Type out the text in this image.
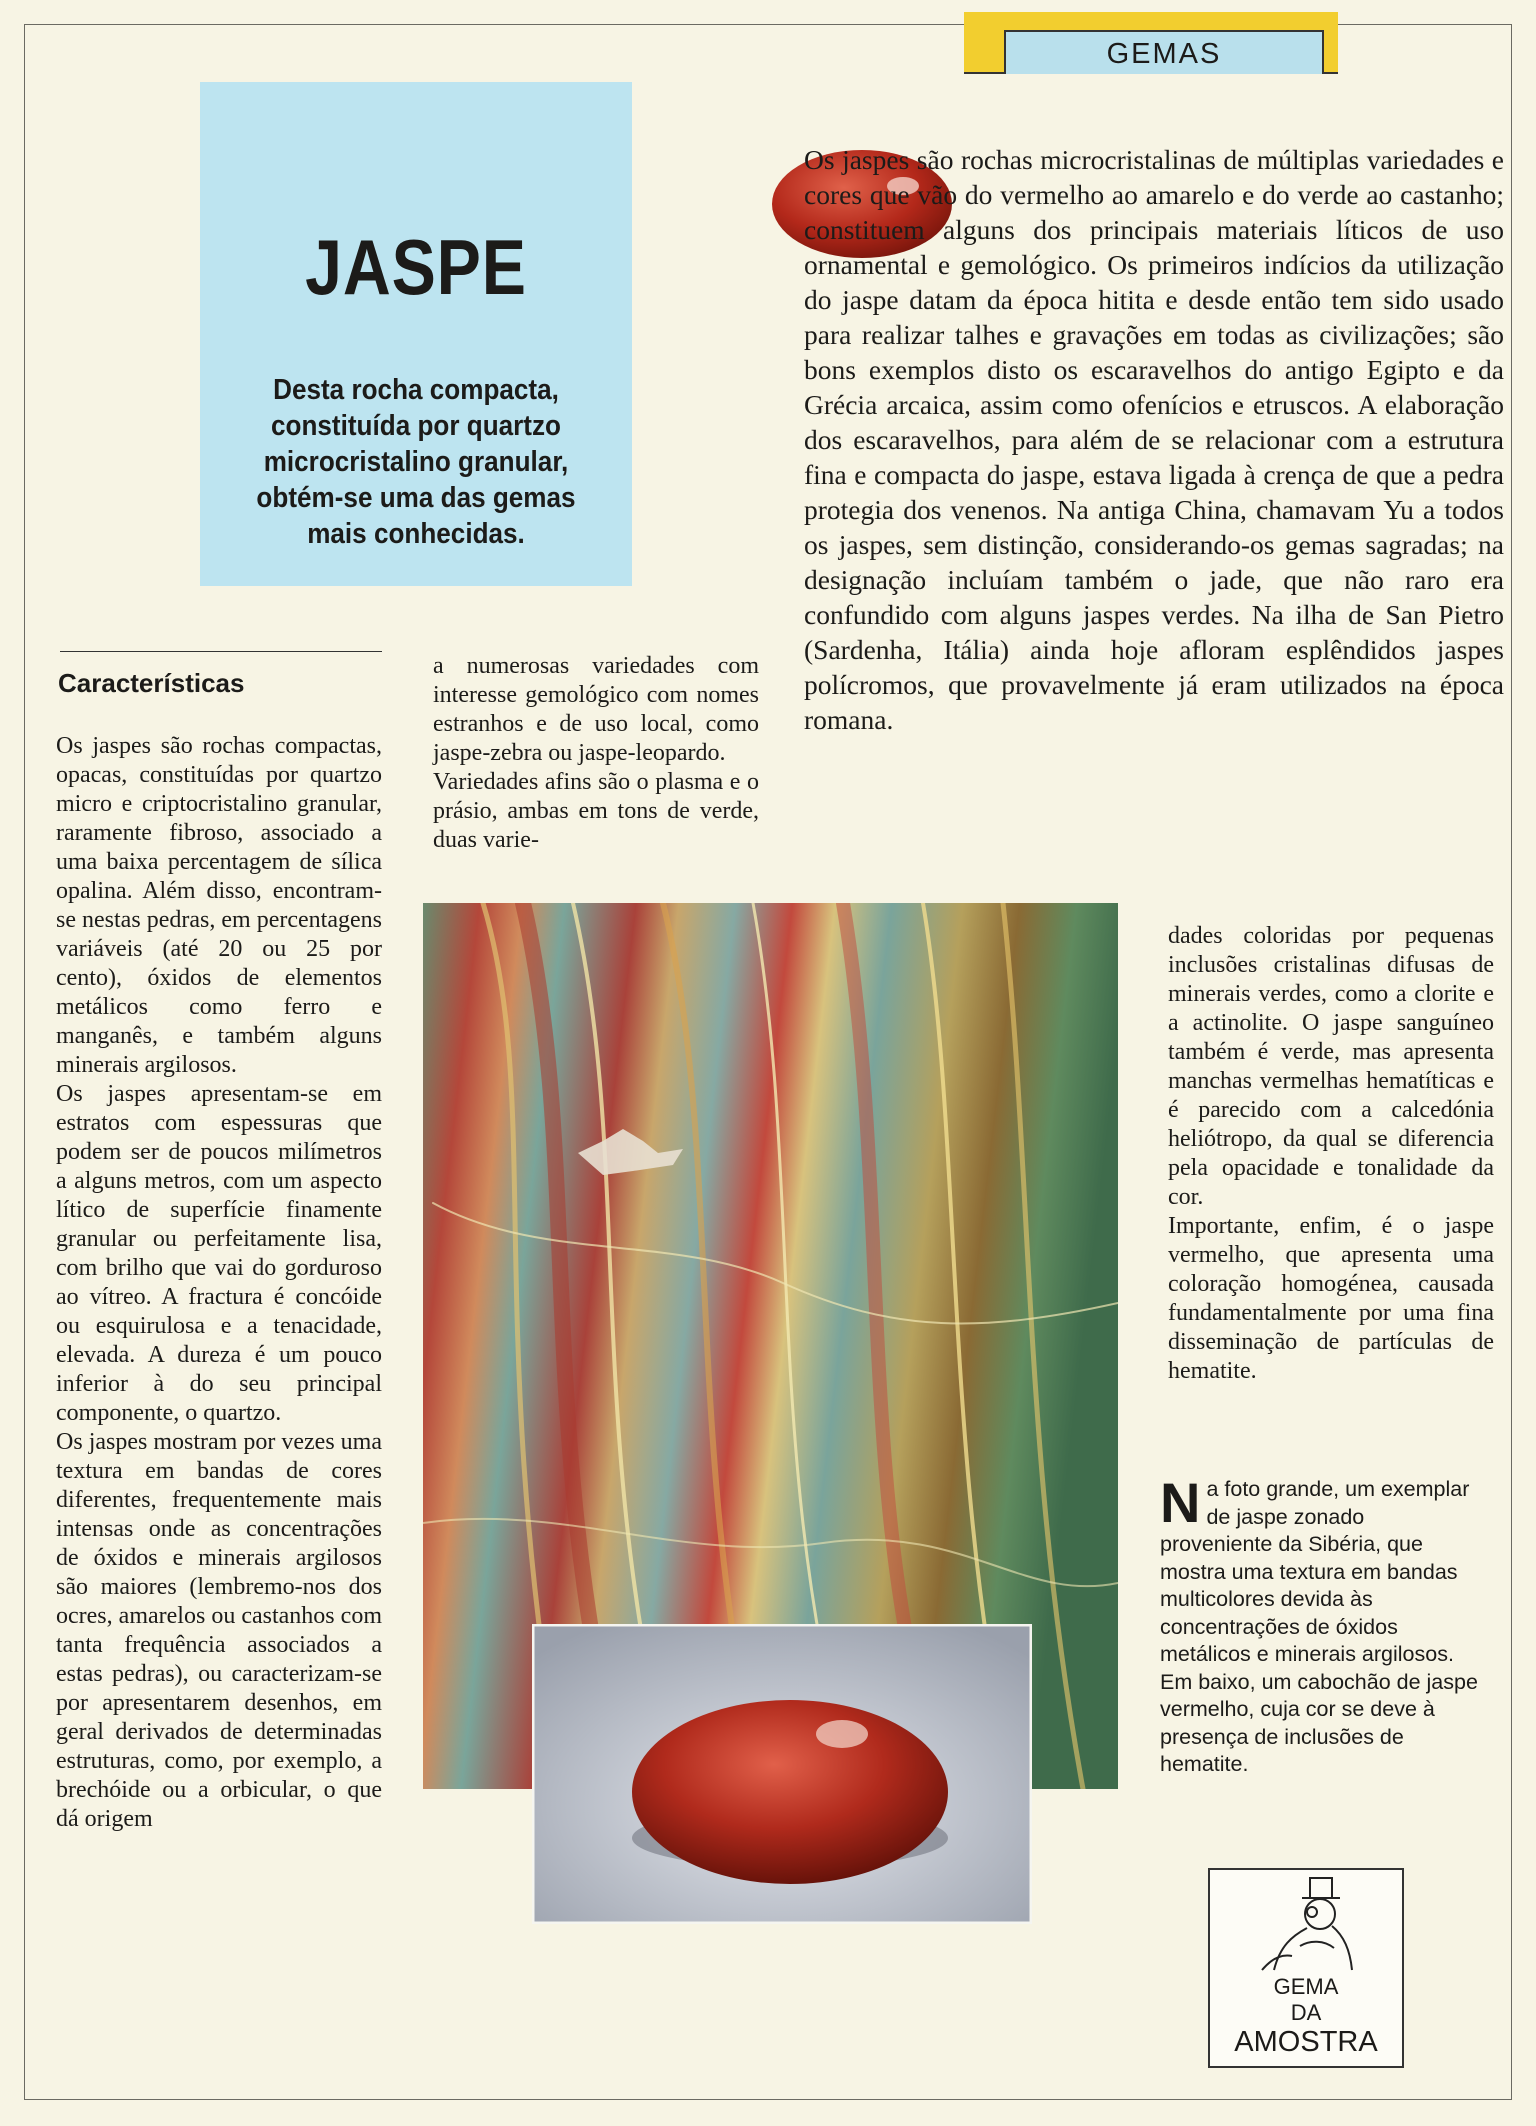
GEMAS
JASPE

Desta rocha compacta, constituída por quartzo microcristalino granular, obtém-se uma das gemas mais conhecidas.

Os jaspes são rochas microcristalinas de múltiplas variedades e cores que vão do vermelho ao amarelo e do verde ao castanho; constituem alguns dos principais materiais líticos de uso ornamental e gemológico. Os primeiros indícios da utilização do jaspe datam da época hitita e desde então tem sido usado para realizar talhes e gravações em todas as civilizações; são bons exemplos disto os escaravelhos do antigo Egipto e da Grécia arcaica, assim como ofenícios e etruscos. A elaboração dos escaravelhos, para além de se relacionar com a estrutura fina e compacta do jaspe, estava ligada à crença de que a pedra protegia dos venenos. Na antiga China, chamavam Yu a todos os jaspes, sem distinção, considerando-os gemas sagradas; na designação incluíam também o jade, que não raro era confundido com alguns jaspes verdes. Na ilha de San Pietro (Sardenha, Itália) ainda hoje afloram esplêndidos jaspes polícromos, que provavelmente já eram utilizados na época romana.

Características

Os jaspes são rochas compactas, opacas, constituídas por quartzo micro e criptocristalino granular, raramente fibroso, associado a uma baixa percentagem de sílica opalina. Além disso, encontram-se nestas pedras, em percentagens variáveis (até 20 ou 25 por cento), óxidos de elementos metálicos como ferro e manganês, e também alguns minerais argilosos.

Os jaspes apresentam-se em estratos com espessuras que podem ser de poucos milímetros a alguns metros, com um aspecto lítico de superfície finamente granular ou perfeitamente lisa, com brilho que vai do gorduroso ao vítreo. A fractura é concóide ou esquirulosa e a tenacidade, elevada. A dureza é um pouco inferior à do seu principal componente, o quartzo.

Os jaspes mostram por vezes uma textura em bandas de cores diferentes, frequentemente mais intensas onde as concentrações de óxidos e minerais argilosos são maiores (lembremo-nos dos ocres, amarelos ou castanhos com tanta frequência associados a estas pedras), ou caracterizam-se por apresentarem desenhos, em geral derivados de determinadas estruturas, como, por exemplo, a brechóide ou a orbicular, o que dá origem

a numerosas variedades com interesse gemológico com nomes estranhos e de uso local, como jaspe-zebra ou jaspe-leopardo.

Variedades afins são o plasma e o prásio, ambas em tons de verde, duas varie-

dades coloridas por pequenas inclusões cristalinas difusas de minerais verdes, como a clorite e a actinolite. O jaspe sanguíneo também é verde, mas apresenta manchas vermelhas hematíticas e é parecido com a calcedónia heliótropo, da qual se diferencia pela opacidade e tonalidade da cor.

Importante, enfim, é o jaspe vermelho, que apresenta uma coloração homogénea, causada fundamentalmente por uma fina disseminação de partículas de hematite.

N a foto grande, um exemplar de jaspe zonado proveniente da Sibéria, que mostra uma textura em bandas multicolores devida às concentrações de óxidos metálicos e minerais argilosos. Em baixo, um cabochão de jaspe vermelho, cuja cor se deve à presença de inclusões de hematite.
GEMA
DA
AMOSTRA
